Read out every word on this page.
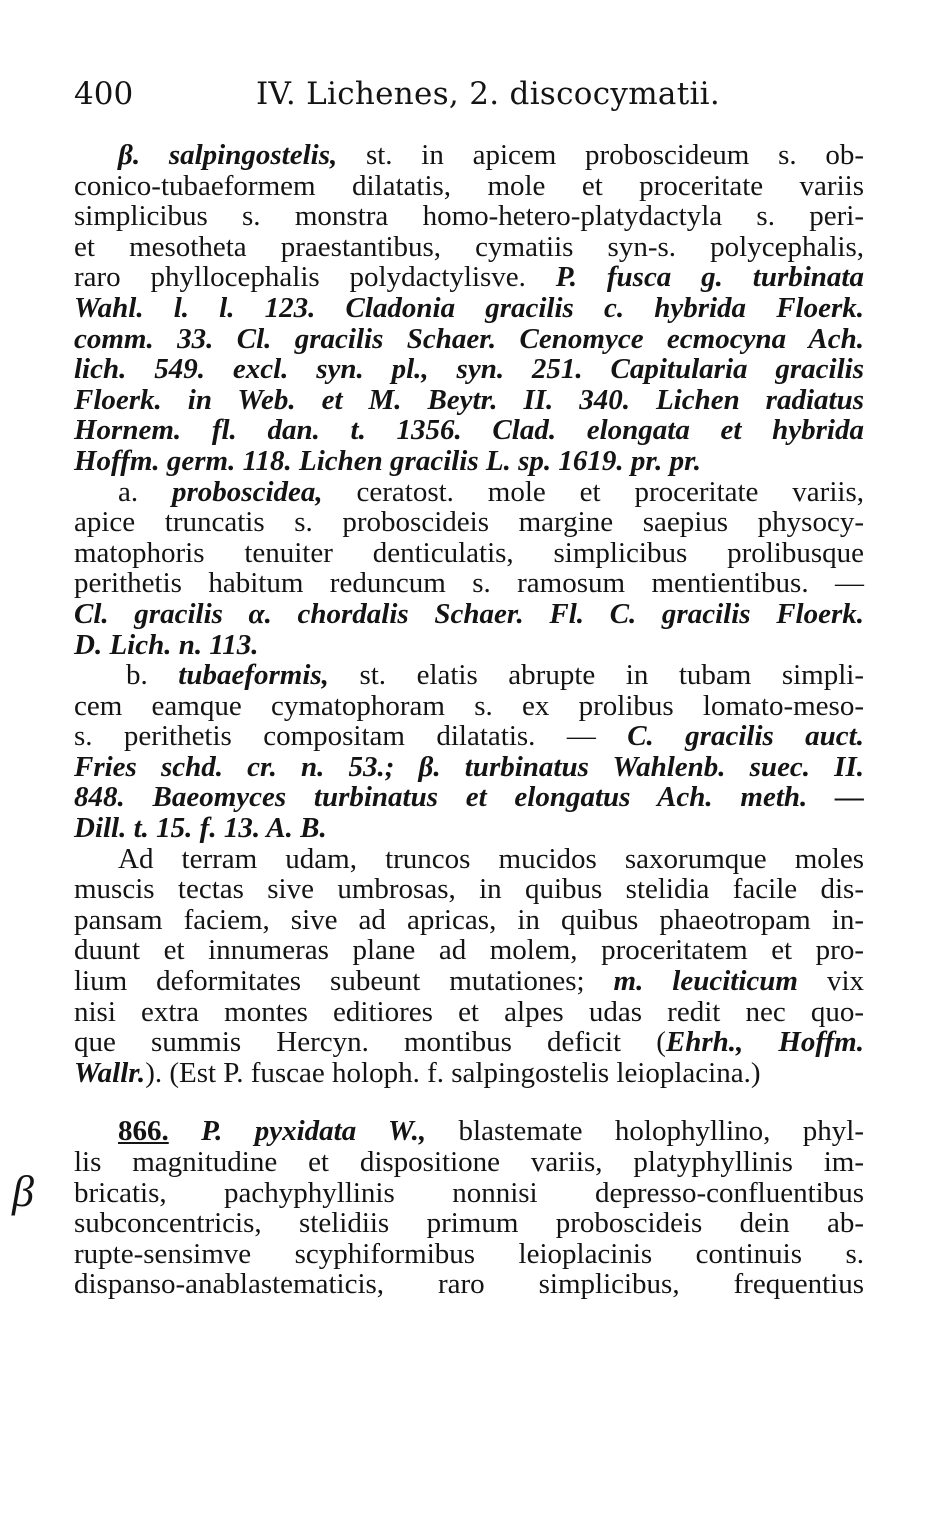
400	IV. Lichenes, 2. discocymatii.
β
β. salpingostelis, st. in apicem proboscideum s. ob-
conico-tubaeformem dilatatis, mole et proceritate variis
simplicibus s. monstra homo-hetero-platydactyla s. peri-
et mesotheta praestantibus, cymatiis syn-s. polycephalis,
raro phyllocephalis polydactylisve. P. fusca g. turbinata
Wahl. l. l. 123. Cladonia gracilis c. hybrida Floerk.
comm. 33. Cl. gracilis Schaer. Cenomyce ecmocyna Ach.
lich. 549. excl. syn. pl., syn. 251. Capitularia gracilis
Floerk. in Web. et M. Beytr. II. 340. Lichen radiatus
Hornem. fl. dan. t. 1356. Clad. elongata et hybrida
Hoffm. germ. 118. Lichen gracilis L. sp. 1619. pr. pr.
a. proboscidea, ceratost. mole et proceritate variis,
apice truncatis s. proboscideis margine saepius physocy-
matophoris tenuiter denticulatis, simplicibus prolibusque
perithetis habitum reduncum s. ramosum mentientibus. —
Cl. gracilis α. chordalis Schaer. Fl. C. gracilis Floerk.
D. Lich. n. 113.
b. tubaeformis, st. elatis abrupte in tubam simpli-
cem eamque cymatophoram s. ex prolibus lomato-meso-
s. perithetis compositam dilatatis. — C. gracilis auct.
Fries schd. cr. n. 53.; β. turbinatus Wahlenb. suec. II.
848. Baeomyces turbinatus et elongatus Ach. meth. —
Dill. t. 15. f. 13. A. B.
Ad terram udam, truncos mucidos saxorumque moles
muscis tectas sive umbrosas, in quibus stelidia facile dis-
pansam faciem, sive ad apricas, in quibus phaeotropam in-
duunt et innumeras plane ad molem, proceritatem et pro-
lium deformitates subeunt mutationes; m. leuciticum vix
nisi extra montes editiores et alpes udas redit nec quo-
que summis Hercyn. montibus deficit (Ehrh., Hoffm.
Wallr.). (Est P. fuscae holoph. f. salpingostelis leioplacina.)
866. P. pyxidata W., blastemate holophyllino, phyl-
lis magnitudine et dispositione variis, platyphyllinis im-
bricatis, pachyphyllinis nonnisi depresso-confluentibus
subconcentricis, stelidiis primum proboscideis dein ab-
rupte-sensimve scyphiformibus leioplacinis continuis s.
dispanso-anablastematicis, raro simplicibus, frequentius
